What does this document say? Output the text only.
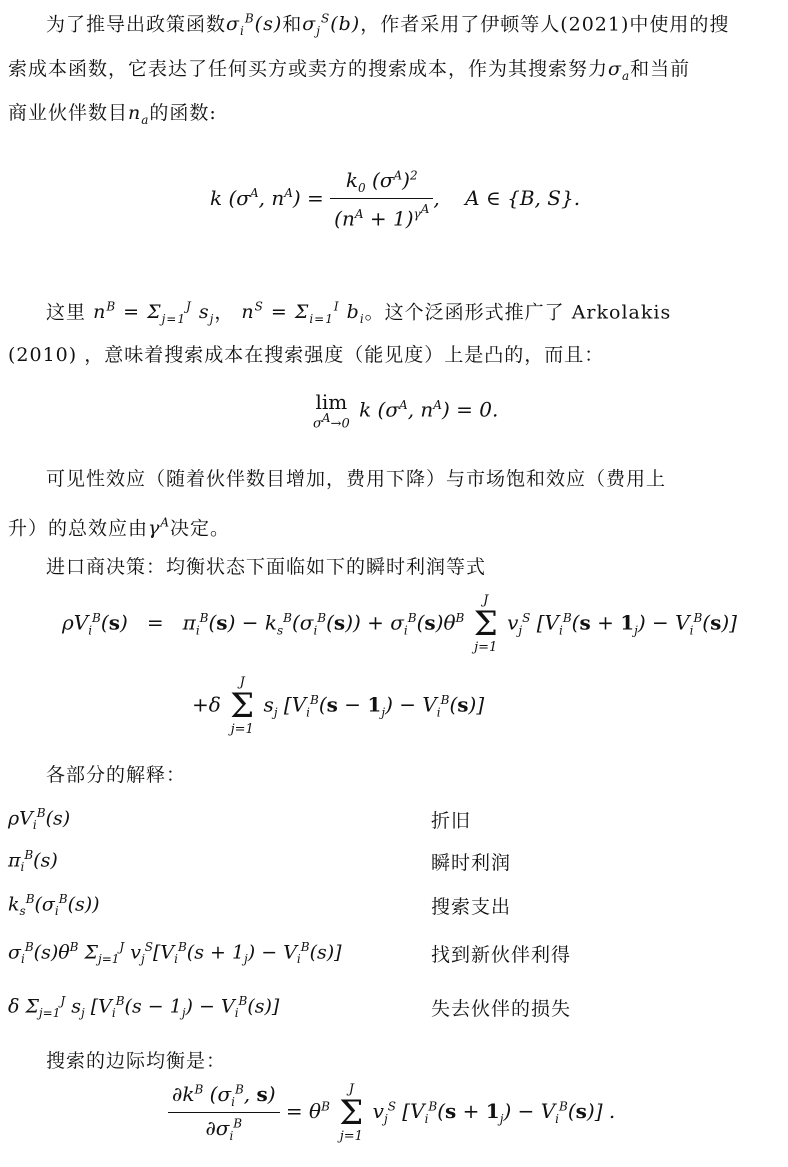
为了推导出政策函数$\sigma_i^B(s)$和$\sigma_j^S(b)$，作者采用了伊顿等人(2021)中使用的搜
索成本函数，它表达了任何买方或卖方的搜索成本，作为其搜索努力$\sigma_a$和当前
商业伙伴数目$n_a$的函数:
k ($\sigma^A$, $n^A) = \frac{k_0 (\sigma^A)^2}{(n^A + 1)^{\gamma^A}}$ ,    A ∈ {B, S}.
这里 $n^B = \Sigma_{j=1}^J$ $s_j$， $n^S = \Sigma_{i=1}^I$ $b_i$。这个泛函形式推广了 Arkolakis
(2010) ，意味着搜索成本在搜索强度（能见度）上是凸的，而且：
lim
$\sigma^A\to 0$
k ($\sigma^A$, $n^A) = 0$.
可见性效应（随着伙伴数目增加，费用下降）与市场饱和效应（费用上
升）的总效应由$\gamma^A$决定。
进口商决策：均衡状态下面临如下的瞬时利润等式
$\rho V_i^B(s) = \pi_i^B(s) - k_s^B(\sigma_i^B(s)) + \sigma_i^B(s)\theta^B$
J
Σ
j=1
$v_j^S$ $[V_i^B(s + 1_j) - V_i^B(s)]$
+δ
J
Σ
j=1
$s_j$ $[V_i^B(s - 1_j) - V_i^B(s)]$
各部分的解释：
$\rho V_i^B(s)$	折旧
$\pi_i^B(s)$	瞬时利润
$k_s^B(\sigma_i^B(s))$	搜索支出
$\sigma_i^B(s)\theta^B$ $\Sigma_{j=1}^J$ $v_j^S[V_i^B(s + 1_j) - V_i^B(s)]$	找到新伙伴利得
δ $\Sigma_{j=1}^J$ $s_j$ $[V_i^B(s - 1_j) - V_i^B(s)]$	失去伙伴的损失
搜索的边际均衡是：
$\frac{\partial k^B (\sigma_i^B, s)}{\partial\sigma_i^B} = \theta^B$
J
Σ
j=1
$v_j^S$ $[V_i^B(s + 1_j) - V_i^B(s)]$ .
